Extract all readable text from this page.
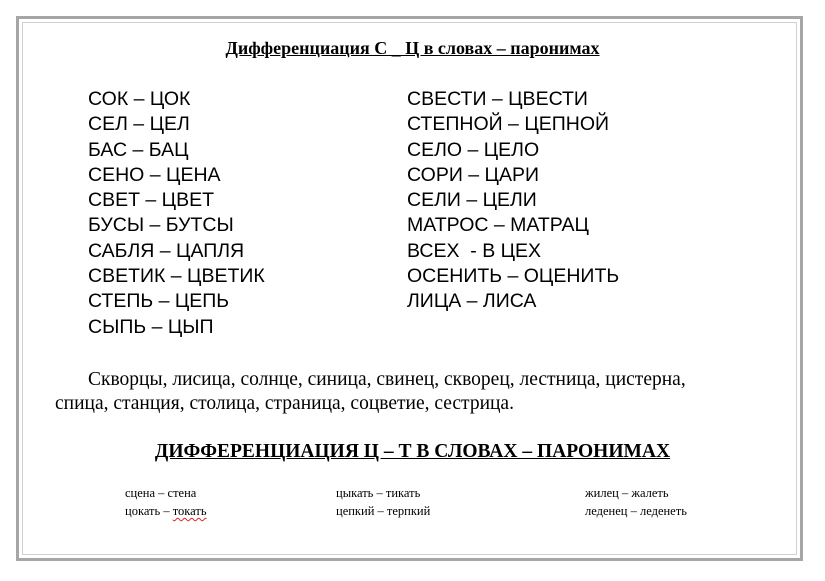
Дифференциация С _ Ц в словах – паронимах
СОК – ЦОК
СЕЛ – ЦЕЛ
БАС – БАЦ
СЕНО – ЦЕНА
СВЕТ – ЦВЕТ
БУСЫ – БУТСЫ
САБЛЯ – ЦАПЛЯ
СВЕТИК – ЦВЕТИК
СТЕПЬ – ЦЕПЬ
СЫПЬ – ЦЫП
СВЕСТИ – ЦВЕСТИ
СТЕПНОЙ – ЦЕПНОЙ
СЕЛО – ЦЕЛО
СОРИ – ЦАРИ
СЕЛИ – ЦЕЛИ
МАТРОС – МАТРАЦ
ВСЕХ  - В ЦЕХ
ОСЕНИТЬ – ОЦЕНИТЬ
ЛИЦА – ЛИСА

Скворцы, лисица, солнце, синица, свинец, скворец, лестница, цистерна,
спица, станция, столица, страница, соцветие, сестрица.

ДИФФЕРЕНЦИАЦИЯ Ц – Т В СЛОВАХ – ПАРОНИМАХ
сцена – стена
цокать – токать
цыкать – тикать
цепкий – терпкий
жилец – жалеть
леденец – леденеть
